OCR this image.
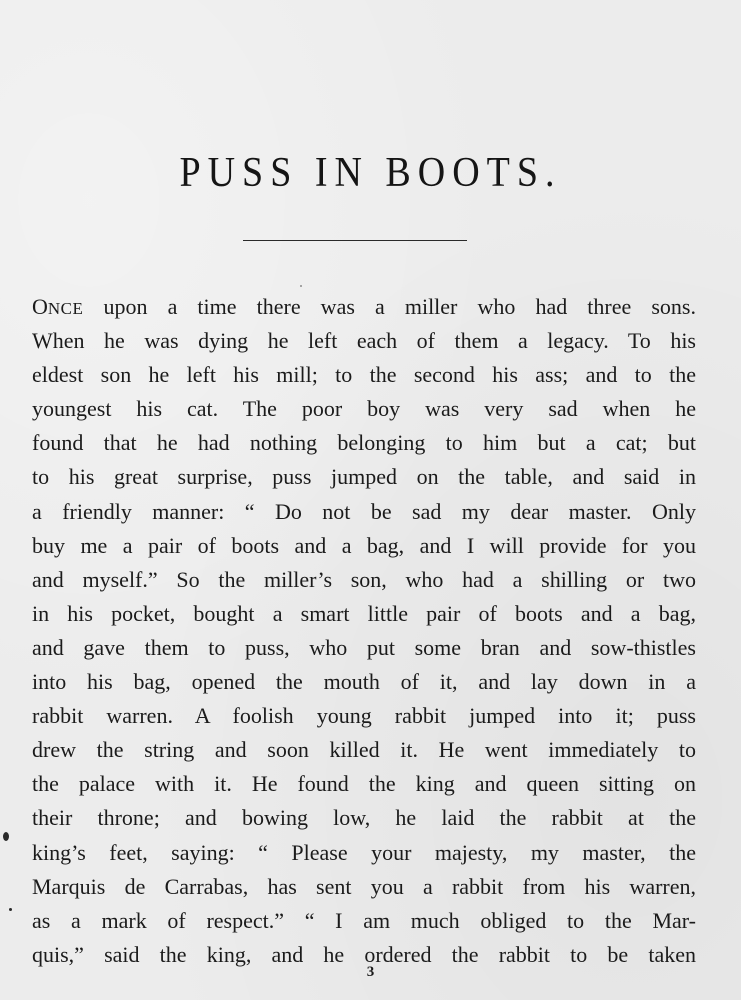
PUSS IN BOOTS.
ONCE upon a time there was a miller who had three sons.
When he was dying he left each of them a legacy. To his
eldest son he left his mill; to the second his ass; and to the
youngest his cat. The poor boy was very sad when he
found that he had nothing belonging to him but a cat; but
to his great surprise, puss jumped on the table, and said in
a friendly manner: “ Do not be sad my dear master. Only
buy me a pair of boots and a bag, and I will provide for you
and myself.” So the miller’s son, who had a shilling or two
in his pocket, bought a smart little pair of boots and a bag,
and gave them to puss, who put some bran and sow-thistles
into his bag, opened the mouth of it, and lay down in a
rabbit warren. A foolish young rabbit jumped into it; puss
drew the string and soon killed it. He went immediately to
the palace with it. He found the king and queen sitting on
their throne; and bowing low, he laid the rabbit at the
king’s feet, saying: “ Please your majesty, my master, the
Marquis de Carrabas, has sent you a rabbit from his warren,
as a mark of respect.” “ I am much obliged to the Mar-
quis,” said the king, and he ordered the rabbit to be taken
3
